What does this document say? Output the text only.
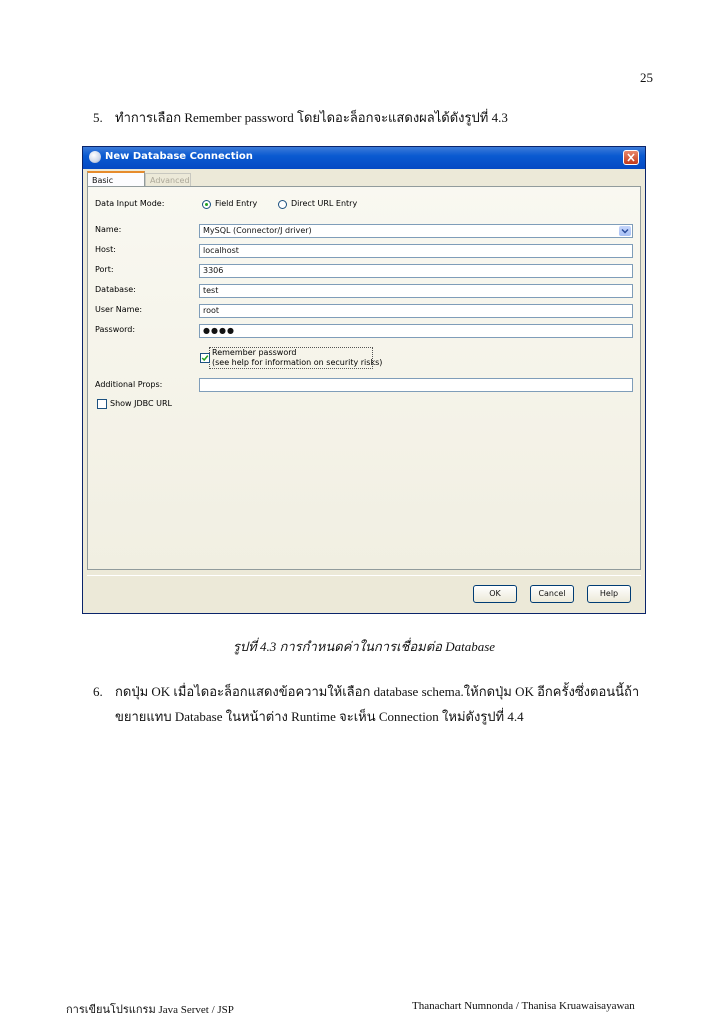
25
5. ทำการเลือก Remember password โดยไดอะล็อกจะแสดงผลได้ดังรูปที่ 4.3
New Database Connection
Basic	Advanced
Data Input Mode:	Field Entry	Direct URL Entry
Name:	MySQL (Connector/J driver)
Host:	localhost
Port:	3306
Database:	test
User Name:	root
Password:	●●●●
Remember password
(see help for information on security risks)
Additional Props:
Show JDBC URL
OK	Cancel	Help
รูปที่ 4.3 การกำหนดค่าในการเชื่อมต่อ Database
6. กดปุ่ม OK เมื่อไดอะล็อกแสดงข้อความให้เลือก database schema.ให้กดปุ่ม OK อีกครั้งซึ่งตอนนี้ถ้า
ขยายแทบ Database ในหน้าต่าง Runtime จะเห็น Connection ใหม่ดังรูปที่ 4.4
การเขียนโปรแกรม Java Servet / JSP	Thanachart Numnonda / Thanisa Kruawaisayawan
